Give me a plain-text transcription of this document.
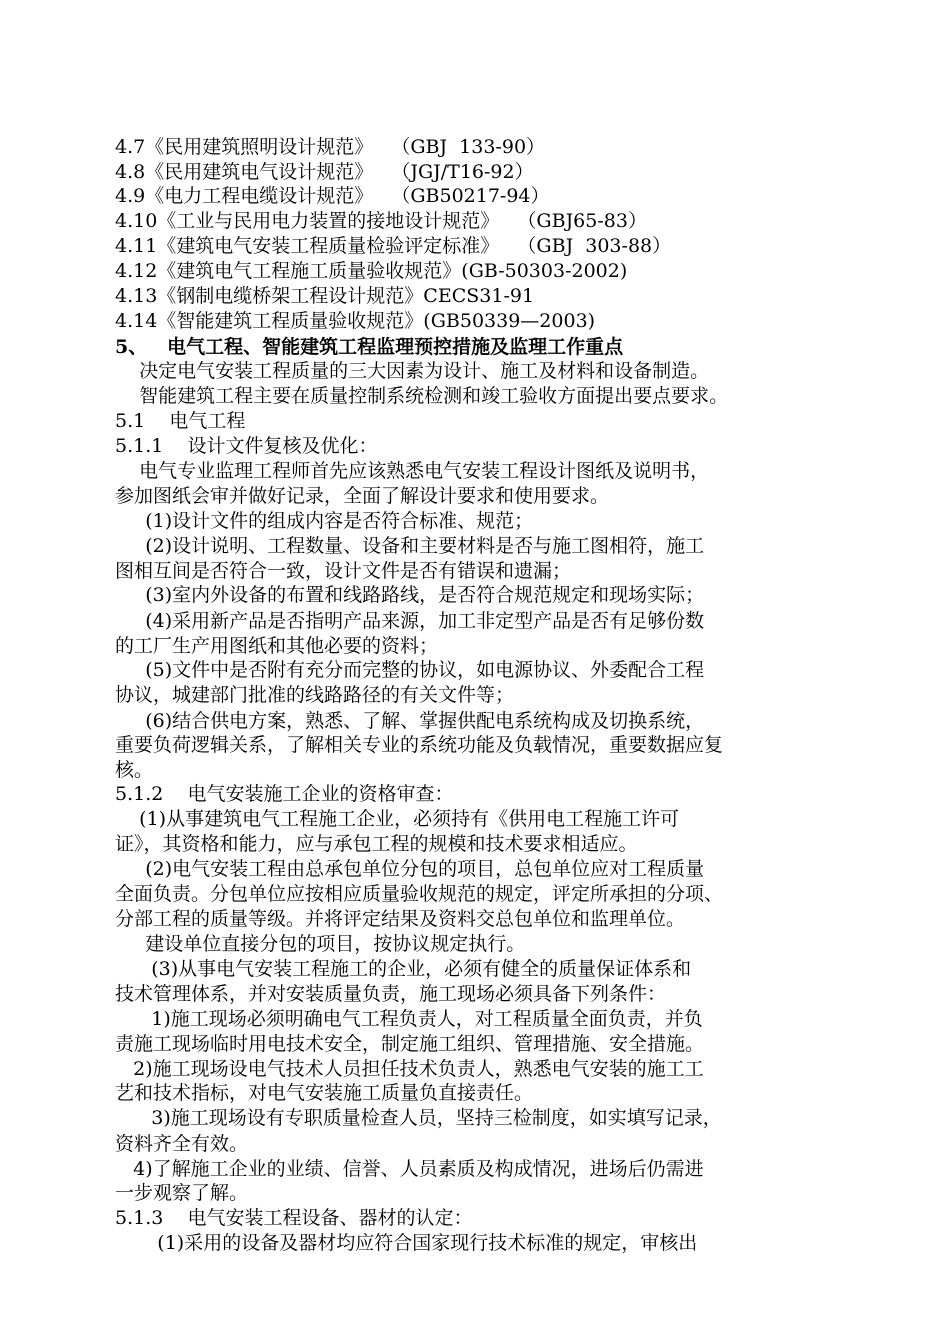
4.7《民用建筑照明设计规范》   （GBJ  133-90）

4.8《民用建筑电气设计规范》   （JGJ/T16-92）

4.9《电力工程电缆设计规范》   （GB50217-94）

4.10《工业与民用电力装置的接地设计规范》   （GBJ65-83）

4.11《建筑电气安装工程质量检验评定标准》   （GBJ  303-88）

4.12《建筑电气工程施工质量验收规范》(GB-50303-2002)

4.13《钢制电缆桥架工程设计规范》CECS31-91

4.14《智能建筑工程质量验收规范》(GB50339—2003)

5、   电气工程、智能建筑工程监理预控措施及监理工作重点

决定电气安装工程质量的三大因素为设计、施工及材料和设备制造。

智能建筑工程主要在质量控制系统检测和竣工验收方面提出要点要求。

5.1    电气工程

5.1.1    设计文件复核及优化：

电气专业监理工程师首先应该熟悉电气安装工程设计图纸及说明书，

参加图纸会审并做好记录，全面了解设计要求和使用要求。

(1)设计文件的组成内容是否符合标准、规范；

(2)设计说明、工程数量、设备和主要材料是否与施工图相符，施工

图相互间是否符合一致，设计文件是否有错误和遗漏；

(3)室内外设备的布置和线路路线，是否符合规范规定和现场实际；

(4)采用新产品是否指明产品来源，加工非定型产品是否有足够份数

的工厂生产用图纸和其他必要的资料；

(5)文件中是否附有充分而完整的协议，如电源协议、外委配合工程

协议，城建部门批准的线路路径的有关文件等；

(6)结合供电方案，熟悉、了解、掌握供配电系统构成及切换系统，

重要负荷逻辑关系，了解相关专业的系统功能及负载情况，重要数据应复

核。

5.1.2    电气安装施工企业的资格审查：

(1)从事建筑电气工程施工企业，必须持有《供用电工程施工许可

证》，其资格和能力，应与承包工程的规模和技术要求相适应。

(2)电气安装工程由总承包单位分包的项目，总包单位应对工程质量

全面负责。分包单位应按相应质量验收规范的规定，评定所承担的分项、

分部工程的质量等级。并将评定结果及资料交总包单位和监理单位。

建设单位直接分包的项目，按协议规定执行。

(3)从事电气安装工程施工的企业，必须有健全的质量保证体系和

技术管理体系，并对安装质量负责，施工现场必须具备下列条件：

1)施工现场必须明确电气工程负责人，对工程质量全面负责，并负

责施工现场临时用电技术安全，制定施工组织、管理措施、安全措施。

2)施工现场设电气技术人员担任技术负责人，熟悉电气安装的施工工

艺和技术指标，对电气安装施工质量负直接责任。

3)施工现场设有专职质量检查人员，坚持三检制度，如实填写记录，

资料齐全有效。

4)了解施工企业的业绩、信誉、人员素质及构成情况，进场后仍需进

一步观察了解。

5.1.3    电气安装工程设备、器材的认定：

(1)采用的设备及器材均应符合国家现行技术标准的规定，审核出
